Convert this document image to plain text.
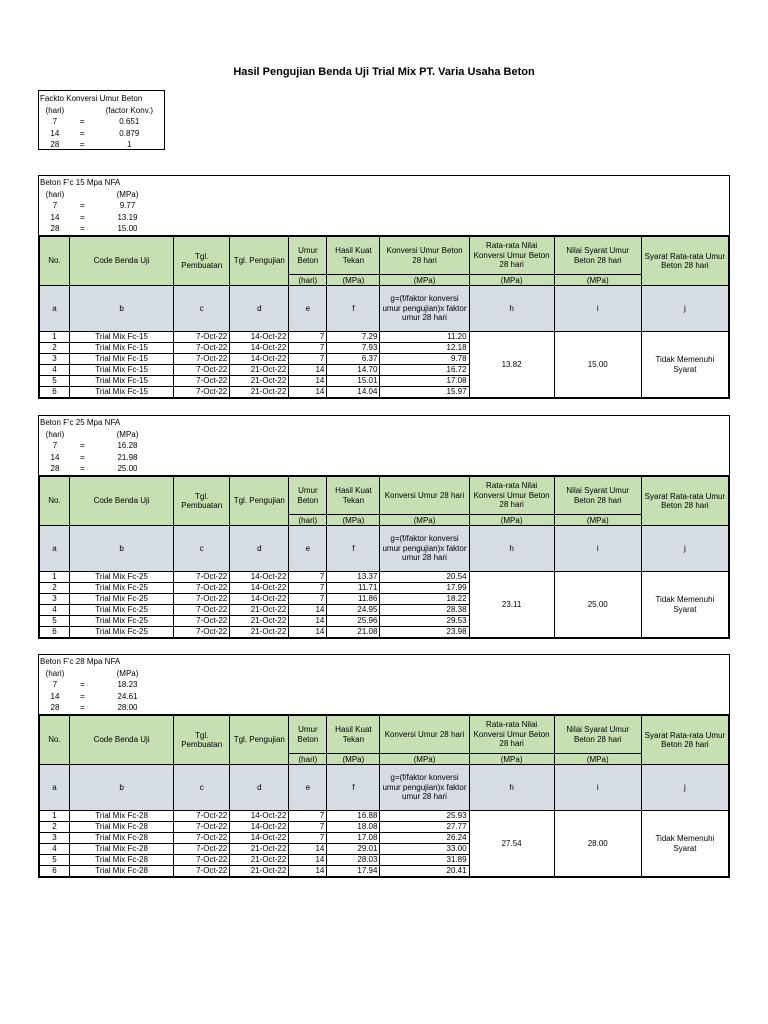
Hasil Pengujian Benda Uji Trial Mix PT. Varia Usaha Beton
Fackto Konversi Umur Beton
(hari)	(factor Konv.)
7	=	0.651
14	=	0.879
28	=	1
Beton F'c 15 Mpa NFA
(hari)	(MPa)
7	=	9.77
14	=	13.19
28	=	15.00
No.	Code Benda Uji	Tgl. Pembuatan	Tgl. Pengujian	Umur Beton	Hasil Kuat Tekan	Konversi Umur Beton 28 hari	Rata-rata Nilai Konversi Umur Beton 28 hari	Nilai Syarat Umur Beton 28 hari	Syarat Rata-rata Umur Beton 28 hari
				(hari)	(MPa)	(MPa)	(MPa)	(MPa)	
a	b	c	d	e	f	g=(f/faktor konversi umur pengujian)x faktor umur 28 hari	h	i	j
1	Trial Mix Fc-15	7-Oct-22	14-Oct-22	7	7.29	11.20	13.82	15.00	Tidak Memenuhi Syarat
2	Trial Mix Fc-15	7-Oct-22	14-Oct-22	7	7.93	12.18			
3	Trial Mix Fc-15	7-Oct-22	14-Oct-22	7	6.37	9.78			
4	Trial Mix Fc-15	7-Oct-22	21-Oct-22	14	14.70	16.72			
5	Trial Mix Fc-15	7-Oct-22	21-Oct-22	14	15.01	17.08			
6	Trial Mix Fc-15	7-Oct-22	21-Oct-22	14	14.04	15.97			
Beton F'c 25 Mpa NFA
(hari)	(MPa)
7	=	16.28
14	=	21.98
28	=	25.00
No.	Code Benda Uji	Tgl. Pembuatan	Tgl. Pengujian	Umur Beton	Hasil Kuat Tekan	Konversi Umur 28 hari	Rata-rata Nilai Konversi Umur Beton 28 hari	Nilai Syarat Umur Beton 28 hari	Syarat Rata-rata Umur Beton 28 hari
				(hari)	(MPa)	(MPa)	(MPa)	(MPa)	
a	b	c	d	e	f	g=(f/faktor konversi umur pengujian)x faktor umur 28 hari	h	i	j
1	Trial Mix Fc-25	7-Oct-22	14-Oct-22	7	13.37	20.54	23.11	25.00	Tidak Memenuhi Syarat
2	Trial Mix Fc-25	7-Oct-22	14-Oct-22	7	11.71	17.99			
3	Trial Mix Fc-25	7-Oct-22	14-Oct-22	7	11.86	18.22			
4	Trial Mix Fc-25	7-Oct-22	21-Oct-22	14	24.95	28.38			
5	Trial Mix Fc-25	7-Oct-22	21-Oct-22	14	25.96	29.53			
6	Trial Mix Fc-25	7-Oct-22	21-Oct-22	14	21.08	23.98			
Beton F'c 28 Mpa NFA
(hari)	(MPa)
7	=	18.23
14	=	24.61
28	=	28.00
No.	Code Benda Uji	Tgl. Pembuatan	Tgl. Pengujian	Umur Beton	Hasil Kuat Tekan	Konversi Umur 28 hari	Rata-rata Nilai Konversi Umur Beton 28 hari	Nilai Syarat Umur Beton 28 hari	Syarat Rata-rata Umur Beton 28 hari
				(hari)	(MPa)	(MPa)	(MPa)	(MPa)	
a	b	c	d	e	f	g=(f/faktor konversi umur pengujian)x faktor umur 28 hari	h	i	j
1	Trial Mix Fc-28	7-Oct-22	14-Oct-22	7	16.88	25.93	27.54	28.00	Tidak Memenuhi Syarat
2	Trial Mix Fc-28	7-Oct-22	14-Oct-22	7	18.08	27.77			
3	Trial Mix Fc-28	7-Oct-22	14-Oct-22	7	17.08	26.24			
4	Trial Mix Fc-28	7-Oct-22	21-Oct-22	14	29.01	33.00			
5	Trial Mix Fc-28	7-Oct-22	21-Oct-22	14	28.03	31.89			
6	Trial Mix Fc-28	7-Oct-22	21-Oct-22	14	17.94	20.41			
